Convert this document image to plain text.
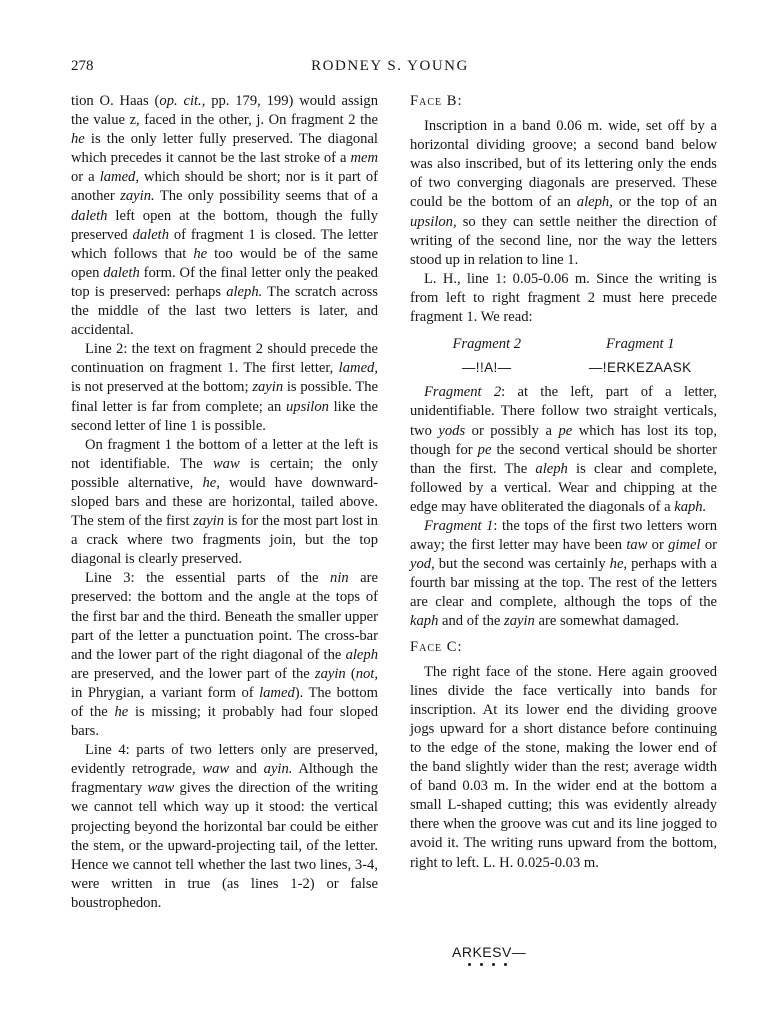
278	RODNEY S. YOUNG

tion O. Haas (op. cit., pp. 179, 199) would assign the value z, faced in the other, j. On fragment 2 the he is the only letter fully preserved. The diagonal which precedes it cannot be the last stroke of a mem or a lamed, which should be short; nor is it part of another zayin. The only possibility seems that of a daleth left open at the bottom, though the fully preserved daleth of fragment 1 is closed. The letter which follows that he too would be of the same open daleth form. Of the final letter only the peaked top is preserved: perhaps aleph. The scratch across the middle of the last two letters is later, and accidental.

Line 2: the text on fragment 2 should precede the continuation on fragment 1. The first letter, lamed, is not preserved at the bottom; zayin is possible. The final letter is far from complete; an upsilon like the second letter of line 1 is possible.

On fragment 1 the bottom of a letter at the left is not identifiable. The waw is certain; the only possible alternative, he, would have downward-sloped bars and these are horizontal, tailed above. The stem of the first zayin is for the most part lost in a crack where two fragments join, but the top diagonal is clearly preserved.

Line 3: the essential parts of the nin are preserved: the bottom and the angle at the tops of the first bar and the third. Beneath the smaller upper part of the letter a punctuation point. The cross-bar and the lower part of the right diagonal of the aleph are preserved, and the lower part of the zayin (not, in Phrygian, a variant form of lamed). The bottom of the he is missing; it probably had four sloped bars.

Line 4: parts of two letters only are preserved, evidently retrograde, waw and ayin. Although the fragmentary waw gives the direction of the writing we cannot tell which way up it stood: the vertical projecting beyond the horizontal bar could be either the stem, or the upward-projecting tail, of the letter. Hence we cannot tell whether the last two lines, 3-4, were written in true (as lines 1-2) or false boustrophedon.

Face B:

Inscription in a band 0.06 m. wide, set off by a horizontal dividing groove; a second band below was also inscribed, but of its lettering only the ends of two converging diagonals are preserved. These could be the bottom of an aleph, or the top of an upsilon, so they can settle neither the direction of writing of the second line, nor the way the letters stood up in relation to line 1.

L. H., line 1: 0.05-0.06 m. Since the writing is from left to right fragment 2 must here precede fragment 1. We read:

Fragment 2
—!!A!—
Fragment 1
—!ERKEZAASK

Fragment 2: at the left, part of a letter, unidentifiable. There follow two straight verticals, two yods or possibly a pe which has lost its top, though for pe the second vertical should be shorter than the first. The aleph is clear and complete, followed by a vertical. Wear and chipping at the edge may have obliterated the diagonals of a kaph.

Fragment 1: the tops of the first two letters worn away; the first letter may have been taw or gimel or yod, but the second was certainly he, perhaps with a fourth bar missing at the top. The rest of the letters are clear and complete, although the tops of the kaph and of the zayin are somewhat damaged.

Face C:

The right face of the stone. Here again grooved lines divide the face vertically into bands for inscription. At its lower end the dividing groove jogs upward for a short distance before continuing to the edge of the stone, making the lower end of the band slightly wider than the rest; average width of band 0.03 m. In the wider end at the bottom a small L-shaped cutting; this was evidently already there when the groove was cut and its line jogged to avoid it. The writing runs upward from the bottom, right to left. L. H. 0.025-0.03 m.

ARKESV—
